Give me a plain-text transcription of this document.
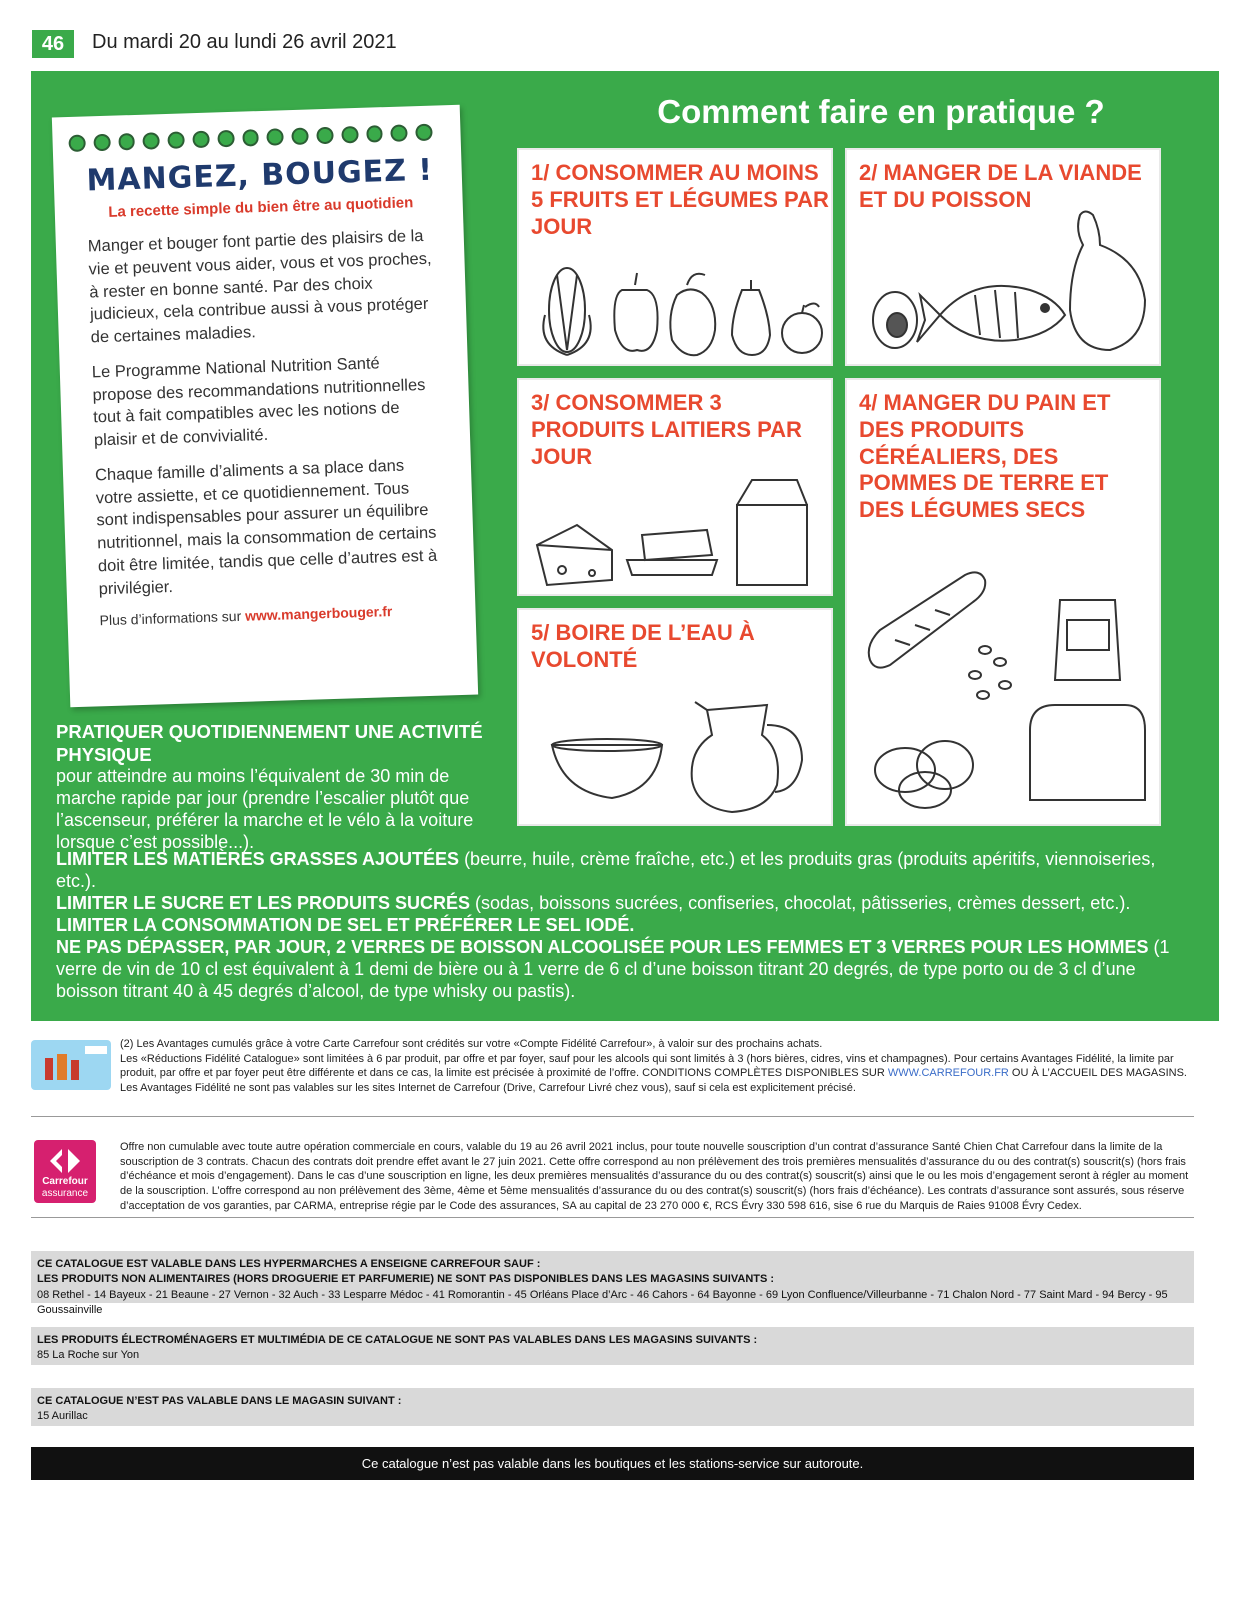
46	Du mardi 20 au lundi 26 avril 2021
Comment faire en pratique ?
MANGEZ, BOUGEZ !
La recette simple du bien être au quotidien

Manger et bouger font partie des plaisirs de la vie et peuvent vous aider, vous et vos proches, à rester en bonne santé. Par des choix judicieux, cela contribue aussi à vous protéger de certaines maladies.

Le Programme National Nutrition Santé propose des recommandations nutritionnelles tout à fait compatibles avec les notions de plaisir et de convivialité.

Chaque famille d’aliments a sa place dans votre assiette, et ce quotidiennement. Tous sont indispensables pour assurer un équilibre nutritionnel, mais la consommation de certains doit être limitée, tandis que celle d’autres est à privilégier.

Plus d’informations sur www.mangerbouger.fr
1/ CONSOMMER AU MOINS 5 FRUITS ET LÉGUMES PAR JOUR
2/ MANGER DE LA VIANDE ET DU POISSON
3/ CONSOMMER 3 PRODUITS LAITIERS PAR JOUR
4/ MANGER DU PAIN ET DES PRODUITS CÉRÉALIERS, DES POMMES DE TERRE ET DES LÉGUMES SECS
5/ BOIRE DE L’EAU À VOLONTÉ
PRATIQUER QUOTIDIENNEMENT UNE ACTIVITÉ PHYSIQUE
pour atteindre au moins l’équivalent de 30 min de marche rapide par jour (prendre l’escalier plutôt que l’ascenseur, préférer la marche et le vélo à la voiture lorsque c’est possible...).
LIMITER LES MATIÈRES GRASSES AJOUTÉES (beurre, huile, crème fraîche, etc.) et les produits gras (produits apéritifs, viennoiseries, etc.).
LIMITER LE SUCRE ET LES PRODUITS SUCRÉS (sodas, boissons sucrées, confiseries, chocolat, pâtisseries, crèmes dessert, etc.).
LIMITER LA CONSOMMATION DE SEL ET PRÉFÉRER LE SEL IODÉ.
NE PAS DÉPASSER, PAR JOUR, 2 VERRES DE BOISSON ALCOOLISÉE POUR LES FEMMES ET 3 VERRES POUR LES HOMMES (1 verre de vin de 10 cl est équivalent à 1 demi de bière ou à 1 verre de 6 cl d’une boisson titrant 20 degrés, de type porto ou de 3 cl d’une boisson titrant 40 à 45 degrés d’alcool, de type whisky ou pastis).
(2) Les Avantages cumulés grâce à votre Carte Carrefour sont crédités sur votre «Compte Fidélité Carrefour», à valoir sur des prochains achats.
Les «Réductions Fidélité Catalogue» sont limitées à 6 par produit, par offre et par foyer, sauf pour les alcools qui sont limités à 3 (hors bières, cidres, vins et champagnes). Pour certains Avantages Fidélité, la limite par produit, par offre et par foyer peut être différente et dans ce cas, la limite est précisée à proximité de l’offre. CONDITIONS COMPLÈTES DISPONIBLES SUR WWW.CARREFOUR.FR OU À L’ACCUEIL DES MAGASINS. Les Avantages Fidélité ne sont pas valables sur les sites Internet de Carrefour (Drive, Carrefour Livré chez vous), sauf si cela est explicitement précisé.
Carrefour
assurance
Offre non cumulable avec toute autre opération commerciale en cours, valable du 19 au 26 avril 2021 inclus, pour toute nouvelle souscription d’un contrat d’assurance Santé Chien Chat Carrefour dans la limite de la souscription de 3 contrats. Chacun des contrats doit prendre effet avant le 27 juin 2021. Cette offre correspond au non prélèvement des trois premières mensualités d’assurance du ou des contrat(s) souscrit(s) (hors frais d’échéance et mois d’engagement). Dans le cas d’une souscription en ligne, les deux premières mensualités d’assurance du ou des contrat(s) souscrit(s) ainsi que le ou les mois d’engagement seront à régler au moment de la souscription. L’offre correspond au non prélèvement des 3ème, 4ème et 5ème mensualités d’assurance du ou des contrat(s) souscrit(s) (hors frais d’échéance). Les contrats d’assurance sont assurés, sous réserve d’acceptation de vos garanties, par CARMA, entreprise régie par le Code des assurances, SA au capital de 23 270 000 €, RCS Évry 330 598 616, sise 6 rue du Marquis de Raies 91008 Évry Cedex.
CE CATALOGUE EST VALABLE DANS LES HYPERMARCHES A ENSEIGNE CARREFOUR SAUF :
LES PRODUITS NON ALIMENTAIRES (HORS DROGUERIE ET PARFUMERIE) NE SONT PAS DISPONIBLES DANS LES MAGASINS SUIVANTS :
08 Rethel - 14 Bayeux - 21 Beaune - 27 Vernon - 32 Auch - 33 Lesparre Médoc - 41 Romorantin - 45 Orléans Place d’Arc - 46 Cahors - 64 Bayonne - 69 Lyon Confluence/Villeurbanne - 71 Chalon Nord - 77 Saint Mard - 94 Bercy - 95 Goussainville
LES PRODUITS ÉLECTROMÉNAGERS ET MULTIMÉDIA DE CE CATALOGUE NE SONT PAS VALABLES DANS LES MAGASINS SUIVANTS :
85 La Roche sur Yon
CE CATALOGUE N’EST PAS VALABLE DANS LE MAGASIN SUIVANT :
15 Aurillac
Ce catalogue n’est pas valable dans les boutiques et les stations-service sur autoroute.
